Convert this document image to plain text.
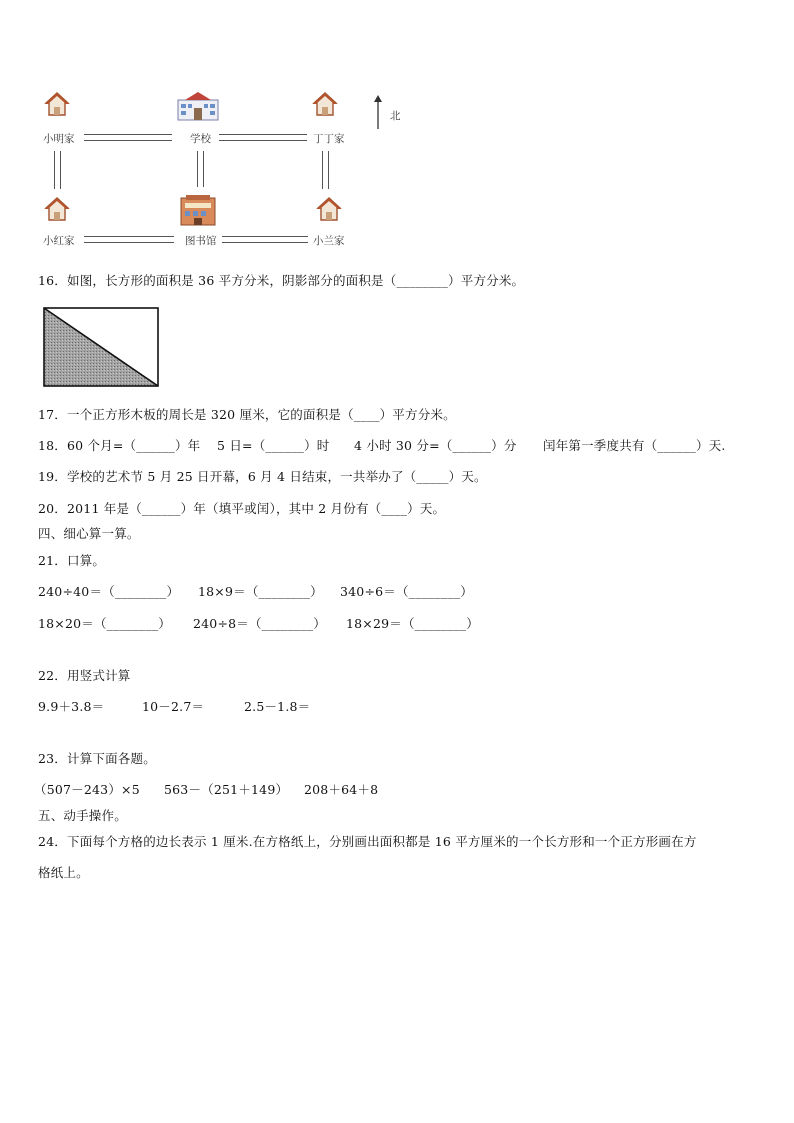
小明家	学校	丁丁家
小红家	图书馆	小兰家
北
16．如图，长方形的面积是 36 平方分米，阴影部分的面积是（________）平方分米。
17．一个正方形木板的周长是 320 厘米，它的面积是（____）平方分米。
18．60 个月=（______）年 5 日=（______）时 4 小时 30 分=（______）分 闰年第一季度共有（______）天.
19．学校的艺术节 5 月 25 日开幕，6 月 4 日结束，一共举办了（_____）天。
20．2011 年是（______）年（填平或闰），其中 2 月份有（____）天。
四、细心算一算。
21．口算。
240÷40＝（________） 18×9＝（________） 340÷6＝（________）
18×20＝（________） 240÷8＝（________） 18×29＝（________）
22．用竖式计算
9.9＋3.8＝	10－2.7＝	2.5－1.8＝
23．计算下面各题。
（507－243）×5 563－（251＋149） 208＋64＋8
五、动手操作。
24．下面每个方格的边长表示 1 厘米.在方格纸上，分别画出面积都是 16 平方厘米的一个长方形和一个正方形画在方
格纸上。
